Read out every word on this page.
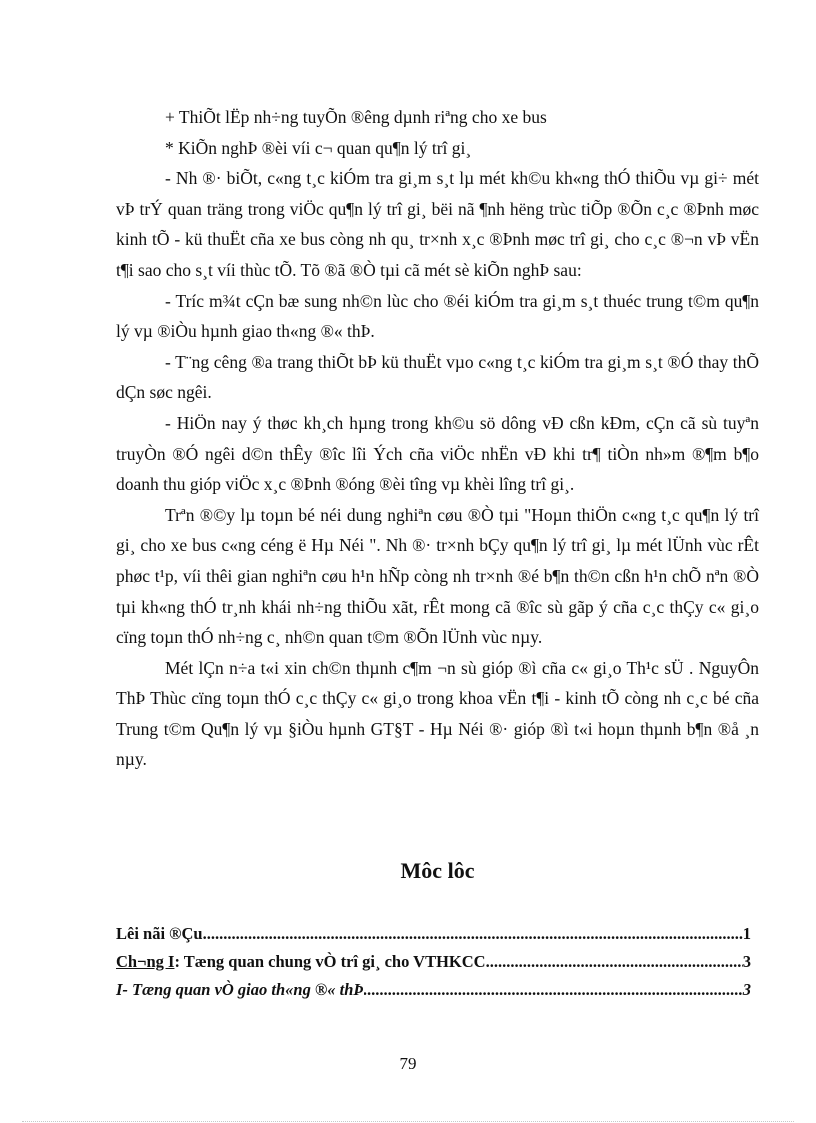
+ ThiÕt lËp nh÷ng tuyÕn ®êng dµnh riªng cho xe bus

* KiÕn nghÞ ®èi víi c¬ quan qu¶n lý trî gi¸

- Nh ®· biÕt, c«ng t¸c kiÓm tra gi¸m s¸t lµ mét kh©u kh«ng thÓ thiÕu vµ gi÷ mét vÞ trÝ quan träng trong viÖc qu¶n lý trî gi¸ bëi nã ¶nh hëng trùc tiÕp ®Õn c¸c ®Þnh møc kinh tÕ - kü thuËt cña xe bus còng nh qu¸ tr×nh x¸c ®Þnh møc trî gi¸ cho c¸c ®¬n vÞ vËn t¶i sao cho s¸t víi thùc tÕ. Tõ ®ã ®Ò tµi cã mét sè kiÕn nghÞ sau:

- Tríc m¾t cÇn bæ sung nh©n lùc cho ®éi kiÓm tra gi¸m s¸t thuéc trung t©m qu¶n lý vµ ®iÒu hµnh giao th«ng ®« thÞ.

- T¨ng cêng ®a trang thiÕt bÞ kü thuËt vµo c«ng t¸c kiÓm tra gi¸m s¸t ®Ó thay thÕ dÇn søc ngêi.

- HiÖn nay ý thøc kh¸ch hµng trong kh©u sö dông vÐ cßn kÐm, cÇn cã sù tuyªn truyÒn ®Ó ngêi d©n thÊy ®îc lîi Ých cña viÖc nhËn vÐ khi tr¶ tiÒn nh»m ®¶m b¶o doanh thu gióp viÖc x¸c ®Þnh ®óng ®èi tîng vµ khèi lîng trî gi¸.

Trªn ®©y lµ toµn bé néi dung nghiªn cøu ®Ò tµi "Hoµn thiÖn c«ng t¸c qu¶n lý trî gi¸ cho xe bus c«ng céng ë Hµ Néi ". Nh ®· tr×nh bÇy qu¶n lý trî gi¸ lµ mét lÜnh vùc rÊt phøc t¹p, víi thêi gian nghiªn cøu h¹n hÑp còng nh tr×nh ®é b¶n th©n cßn h¹n chÕ nªn ®Ò tµi kh«ng thÓ tr¸nh khái nh÷ng thiÕu xãt, rÊt mong cã ®îc sù gãp ý cña c¸c thÇy c« gi¸o cïng toµn thÓ nh÷ng c¸ nh©n quan t©m ®Õn lÜnh vùc nµy.

Mét lÇn n÷a t«i xin ch©n thµnh c¶m ¬n sù gióp ®ì cña c« gi¸o Th¹c sÜ . NguyÔn ThÞ Thùc cïng toµn thÓ c¸c thÇy c« gi¸o trong khoa vËn t¶i - kinh tÕ còng nh c¸c bé cña Trung t©m Qu¶n lý vµ §iÒu hµnh GT§T - Hµ Néi ®· gióp ®ì t«i hoµn thµnh b¶n ®å ¸n nµy.

Môc lôc
Lêi nãi ®Çu .....	1
Ch¬ng I: Tæng quan chung vÒ trî gi¸ cho VTHKCC .....	3
I- Tæng quan vÒ giao th«ng ®« thÞ .....	3
79
